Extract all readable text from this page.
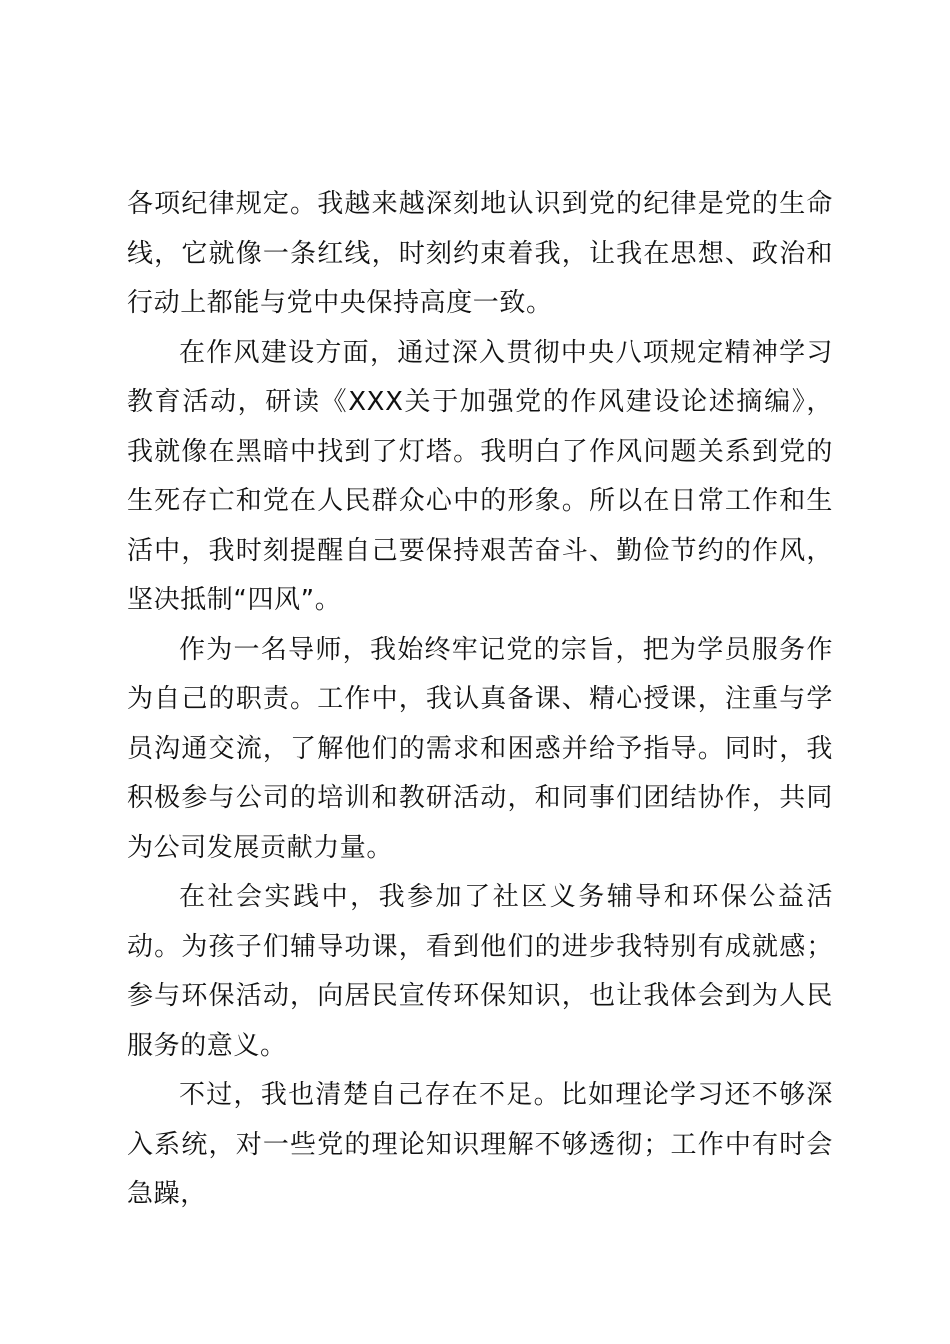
各项纪律规定。我越来越深刻地认识到党的纪律是党的生命线，它就像一条红线，时刻约束着我，让我在思想、政治和行动上都能与党中央保持高度一致。

在作风建设方面，通过深入贯彻中央八项规定精神学习教育活动，研读《XXX关于加强党的作风建设论述摘编》，我就像在黑暗中找到了灯塔。我明白了作风问题关系到党的生死存亡和党在人民群众心中的形象。所以在日常工作和生活中，我时刻提醒自己要保持艰苦奋斗、勤俭节约的作风，坚决抵制“四风”。

作为一名导师，我始终牢记党的宗旨，把为学员服务作为自己的职责。工作中，我认真备课、精心授课，注重与学员沟通交流，了解他们的需求和困惑并给予指导。同时，我积极参与公司的培训和教研活动，和同事们团结协作，共同为公司发展贡献力量。

在社会实践中，我参加了社区义务辅导和环保公益活动。为孩子们辅导功课，看到他们的进步我特别有成就感；参与环保活动，向居民宣传环保知识，也让我体会到为人民服务的意义。

不过，我也清楚自己存在不足。比如理论学习还不够深入系统，对一些党的理论知识理解不够透彻；工作中有时会急躁，
